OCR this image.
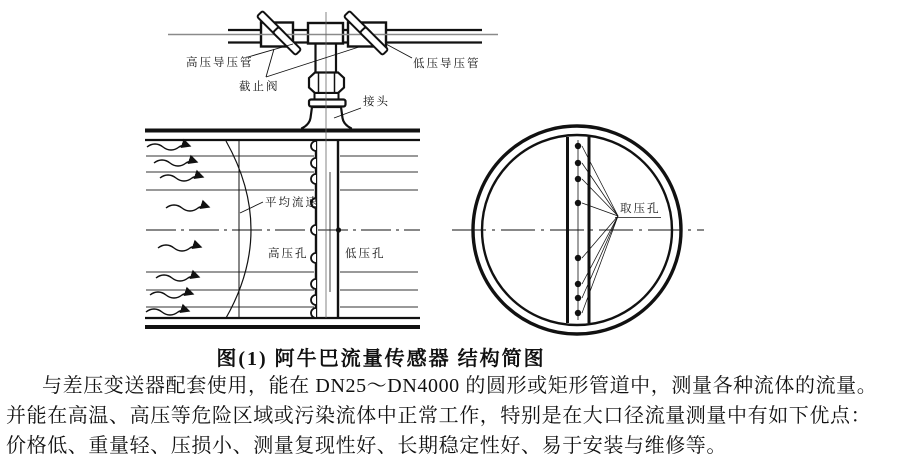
高压导压管
截止阀
低压导压管
接头
平均流速
高压孔	低压孔
取压孔
图(1) 阿牛巴流量传感器 结构简图
与差压变送器配套使用，能在 DN25～DN4000 的圆形或矩形管道中，测量各种流体的流量。
并能在高温、高压等危险区域或污染流体中正常工作，特别是在大口径流量测量中有如下优点：
价格低、重量轻、压损小、测量复现性好、长期稳定性好、易于安装与维修等。
